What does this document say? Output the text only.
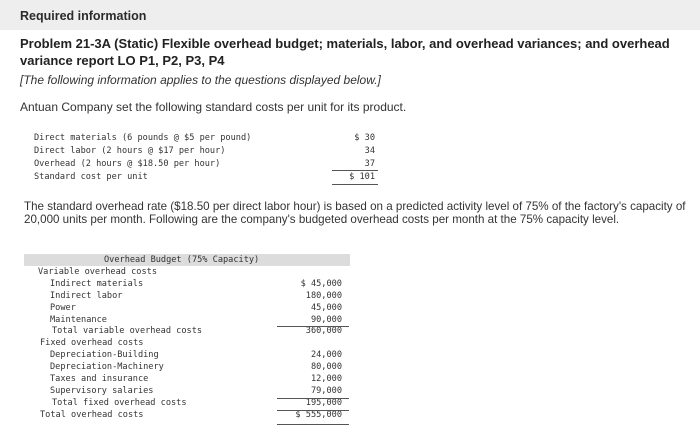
Required information
Problem 21-3A (Static) Flexible overhead budget; materials, labor, and overhead variances; and overhead variance report LO P1, P2, P3, P4
[The following information applies to the questions displayed below.]
Antuan Company set the following standard costs per unit for its product.
Direct materials (6 pounds @ $5 per pound)	$ 30
Direct labor (2 hours @ $17 per hour)	34
Overhead (2 hours @ $18.50 per hour)	37
Standard cost per unit	$ 101
The standard overhead rate ($18.50 per direct labor hour) is based on a predicted activity level of 75% of the factory's capacity of 20,000 units per month. Following are the company's budgeted overhead costs per month at the 75% capacity level.
Overhead Budget (75% Capacity)
Variable overhead costs
Indirect materials	$ 45,000
Indirect labor	180,000
Power	45,000
Maintenance	90,000
Total variable overhead costs	360,000
Fixed overhead costs
Depreciation-Building	24,000
Depreciation-Machinery	80,000
Taxes and insurance	12,000
Supervisory salaries	79,000
Total fixed overhead costs	195,000
Total overhead costs	$ 555,000
